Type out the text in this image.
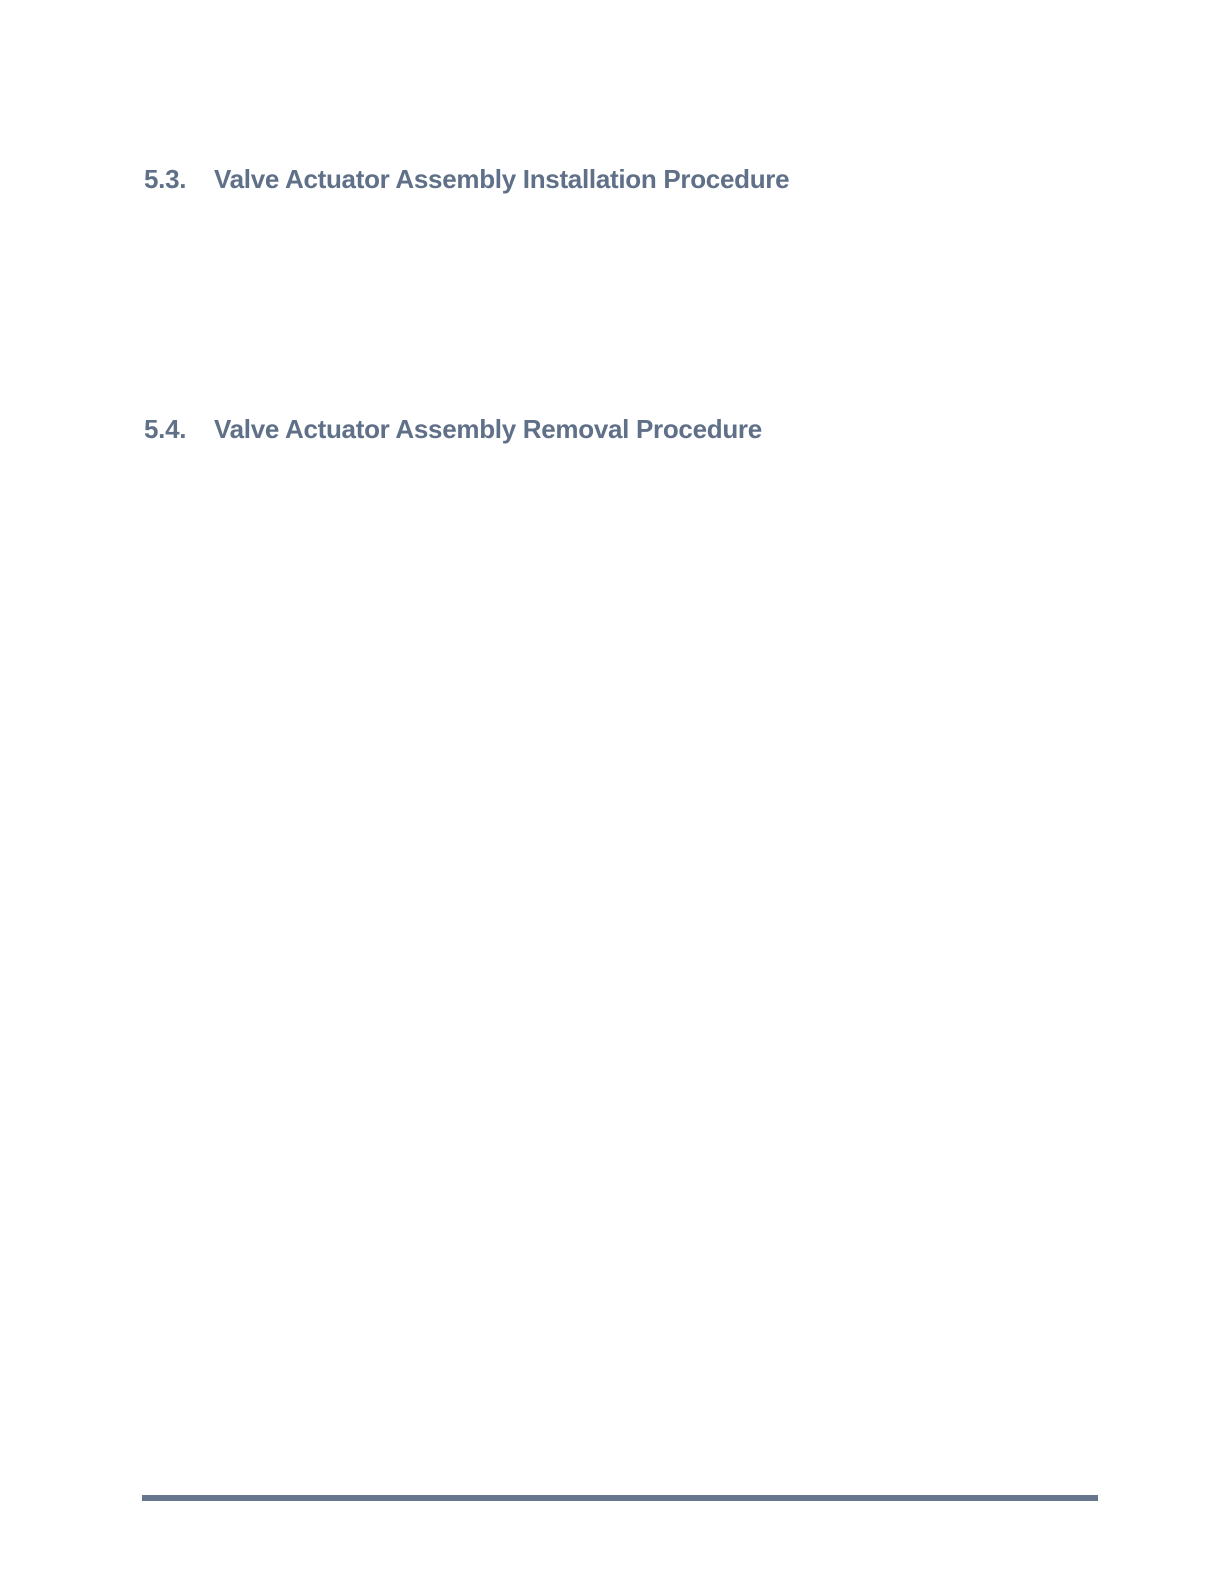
5.3. Valve Actuator Assembly Installation Procedure
5.4. Valve Actuator Assembly Removal Procedure
